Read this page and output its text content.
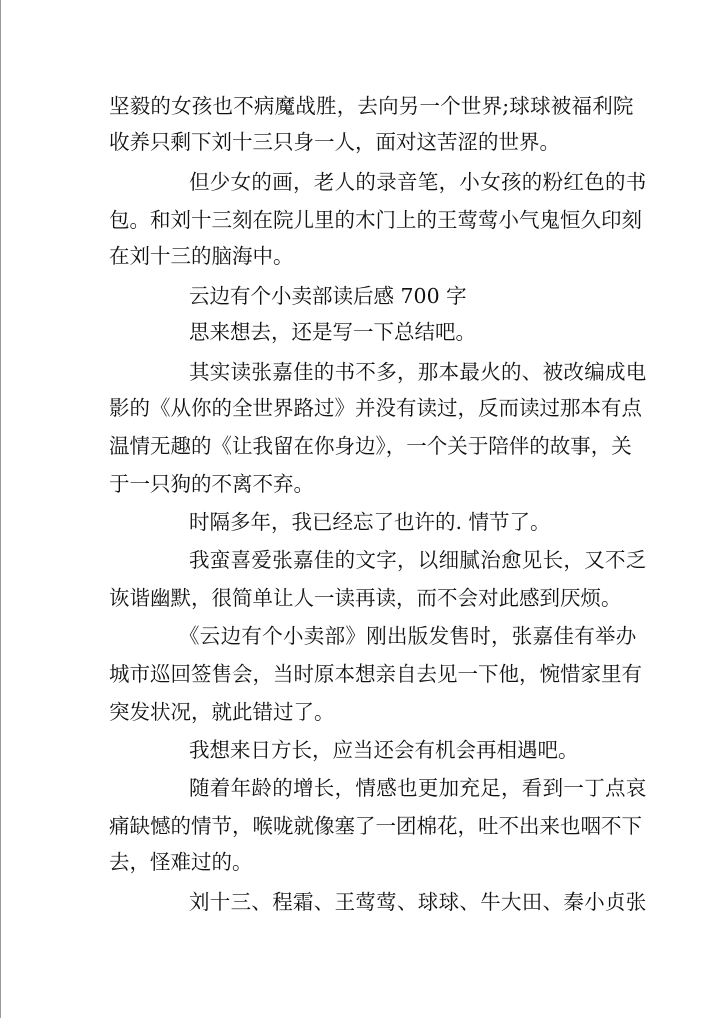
坚毅的女孩也不病魔战胜，去向另一个世界;球球被福利院
收养只剩下刘十三只身一人，面对这苦涩的世界。
但少女的画，老人的录音笔，小女孩的粉红色的书
包。和刘十三刻在院儿里的木门上的王莺莺小气鬼恒久印刻
在刘十三的脑海中。
云边有个小卖部读后感 700 字
思来想去，还是写一下总结吧。
其实读张嘉佳的书不多，那本最火的、被改编成电
影的《从你的全世界路过》并没有读过，反而读过那本有点
温情无趣的《让我留在你身边》，一个关于陪伴的故事，关
于一只狗的不离不弃。
时隔多年，我已经忘了也许的. 情节了。
我蛮喜爱张嘉佳的文字，以细腻治愈见长，又不乏
诙谐幽默，很简单让人一读再读，而不会对此感到厌烦。
《云边有个小卖部》刚出版发售时，张嘉佳有举办
城市巡回签售会，当时原本想亲自去见一下他，惋惜家里有
突发状况，就此错过了。
我想来日方长，应当还会有机会再相遇吧。
随着年龄的增长，情感也更加充足，看到一丁点哀
痛缺憾的情节，喉咙就像塞了一团棉花，吐不出来也咽不下
去，怪难过的。
刘十三、程霜、王莺莺、球球、牛大田、秦小贞张
